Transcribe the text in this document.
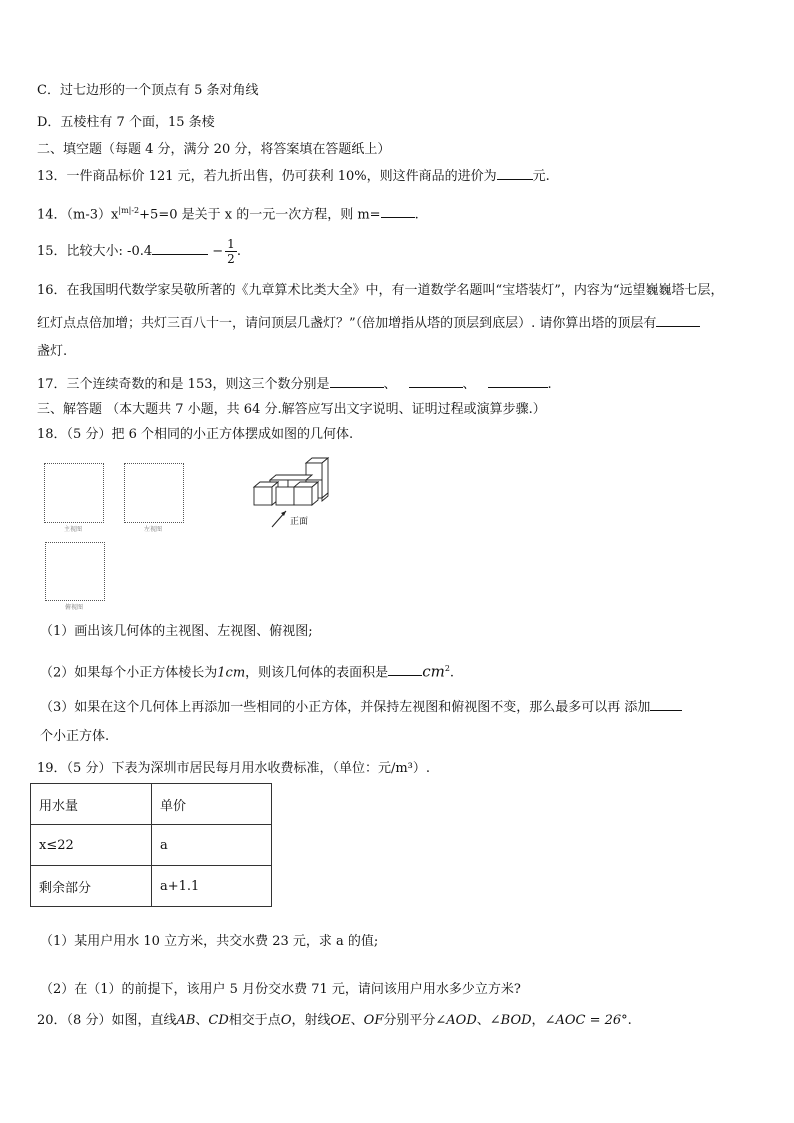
C．过七边形的一个顶点有 5 条对角线
D．五棱柱有 7 个面，15 条棱
二、填空题（每题 4 分，满分 20 分，将答案填在答题纸上）
13．一件商品标价 121 元，若九折出售，仍可获利 10%，则这件商品的进价为	元.
14．$(m-3)x^{|m|-2}+5=0$ 是关于 x 的一元一次方程，则 m=	.
15．比较大小: -0.4	− $\frac{1}{2}$ .
16．在我国明代数学家吴敬所著的《九章算术比类大全》中，有一道数学名题叫“宝塔装灯”，内容为“远望巍巍塔七层，
红灯点点倍加增；共灯三百八十一，请问顶层几盏灯？”（倍加增指从塔的顶层到底层）. 请你算出塔的顶层有
盏灯.
17．三个连续奇数的和是 153，则这三个数分别是	、	、	.
三、解答题 （本大题共 7 小题，共 64 分.解答应写出文字说明、证明过程或演算步骤.）
18．（5 分）把 6 个相同的小正方体摆成如图的几何体.
主视图	左视图
俯视图
正面
（1）画出该几何体的主视图、左视图、俯视图;
（2）如果每个小正方体棱长为1cm，则该几何体的表面积是 $cm^2$.
（3）如果在这个几何体上再添加一些相同的小正方体，并保持左视图和俯视图不变，那么最多可以再 添加
个小正方体.
19．（5 分）下表为深圳市居民每月用水收费标准，（单位：元/m³）.
用水量	单价
x≤22	a
剩余部分	a+1.1
（1）某用户用水 10 立方米，共交水费 23 元，求 a 的值;
（2）在（1）的前提下，该用户 5 月份交水费 71 元，请问该用户用水多少立方米?
20．（8 分）如图，直线AB、CD相交于点O，射线OE、OF分别平分∠AOD、∠BOD，∠AOC = 26°.
